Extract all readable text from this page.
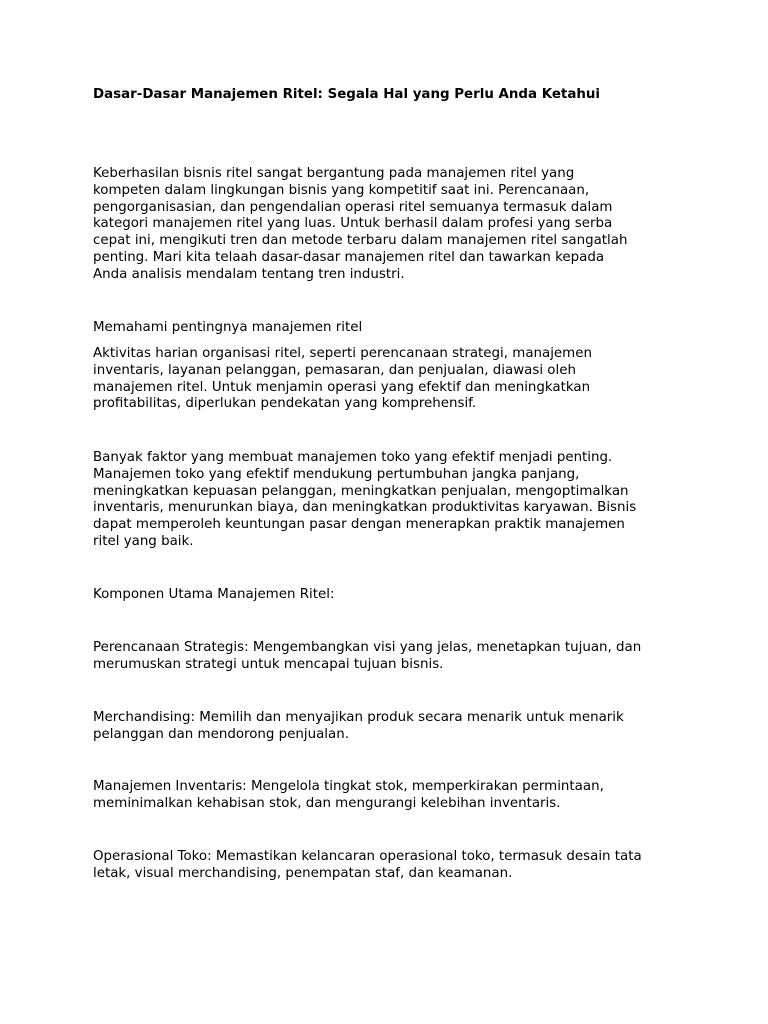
Dasar-Dasar Manajemen Ritel: Segala Hal yang Perlu Anda Ketahui

Keberhasilan bisnis ritel sangat bergantung pada manajemen ritel yang
kompeten dalam lingkungan bisnis yang kompetitif saat ini. Perencanaan,
pengorganisasian, dan pengendalian operasi ritel semuanya termasuk dalam
kategori manajemen ritel yang luas. Untuk berhasil dalam profesi yang serba
cepat ini, mengikuti tren dan metode terbaru dalam manajemen ritel sangatlah
penting. Mari kita telaah dasar-dasar manajemen ritel dan tawarkan kepada
Anda analisis mendalam tentang tren industri.

Memahami pentingnya manajemen ritel

Aktivitas harian organisasi ritel, seperti perencanaan strategi, manajemen
inventaris, layanan pelanggan, pemasaran, dan penjualan, diawasi oleh
manajemen ritel. Untuk menjamin operasi yang efektif dan meningkatkan
profitabilitas, diperlukan pendekatan yang komprehensif.

Banyak faktor yang membuat manajemen toko yang efektif menjadi penting.
Manajemen toko yang efektif mendukung pertumbuhan jangka panjang,
meningkatkan kepuasan pelanggan, meningkatkan penjualan, mengoptimalkan
inventaris, menurunkan biaya, dan meningkatkan produktivitas karyawan. Bisnis
dapat memperoleh keuntungan pasar dengan menerapkan praktik manajemen
ritel yang baik.

Komponen Utama Manajemen Ritel:

Perencanaan Strategis: Mengembangkan visi yang jelas, menetapkan tujuan, dan
merumuskan strategi untuk mencapai tujuan bisnis.

Merchandising: Memilih dan menyajikan produk secara menarik untuk menarik
pelanggan dan mendorong penjualan.

Manajemen Inventaris: Mengelola tingkat stok, memperkirakan permintaan,
meminimalkan kehabisan stok, dan mengurangi kelebihan inventaris.

Operasional Toko: Memastikan kelancaran operasional toko, termasuk desain tata
letak, visual merchandising, penempatan staf, dan keamanan.
